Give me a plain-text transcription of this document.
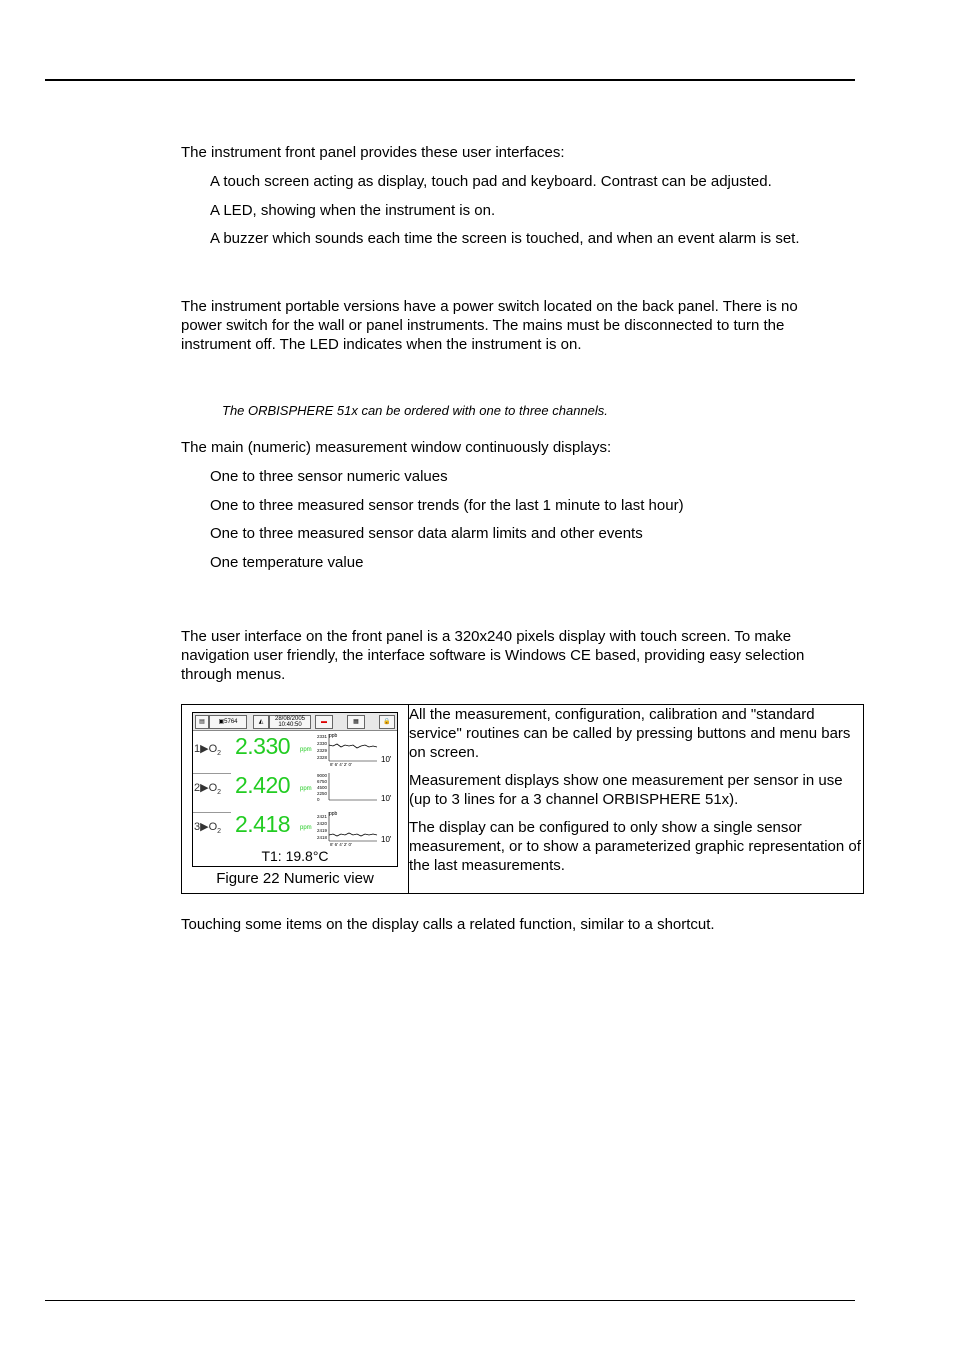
The instrument front panel provides these user interfaces:

A touch screen acting as display, touch pad and keyboard. Contrast can be adjusted.

A LED, showing when the instrument is on.

A buzzer which sounds each time the screen is touched, and when an event alarm is set.

The instrument portable versions have a power switch located on the back panel. There is no
power switch for the wall or panel instruments. The mains must be disconnected to turn the
instrument off. The LED indicates when the instrument is on.

The ORBISPHERE 51x can be ordered with one to three channels.

The main (numeric) measurement window continuously displays:

One to three sensor numeric values

One to three measured sensor trends (for the last 1 minute to last hour)

One to three measured sensor data alarm limits and other events

One temperature value

The user interface on the front panel is a 320x240 pixels display with touch screen. To make
navigation user friendly, the interface software is Windows CE based, providing easy selection
through menus.

▤	▣5764	◭	28/08/2005
10:40:50	▬	▦	🔒
$1▶O_2$ 2.330 ppm
ppb
2331
2330
2329
2328
8' 6' 4' 2' 0'
10'
$2▶O_2$ 2.420 ppm
9000
6750
4500
2250
0	10'
$3▶O_2$ 2.418 ppm
ppb
2421
2420
2419
2418
8' 6' 4' 2' 0'
10'
T1: 19.8°C
Figure 22 Numeric view

All the measurement, configuration, calibration and "standard service" routines can be called by pressing buttons and menu bars on screen.

Measurement displays show one measurement per sensor in use (up to 3 lines for a 3 channel ORBISPHERE 51x).

The display can be configured to only show a single sensor measurement, or to show a parameterized graphic representation of the last measurements.

Touching some items on the display calls a related function, similar to a shortcut.
